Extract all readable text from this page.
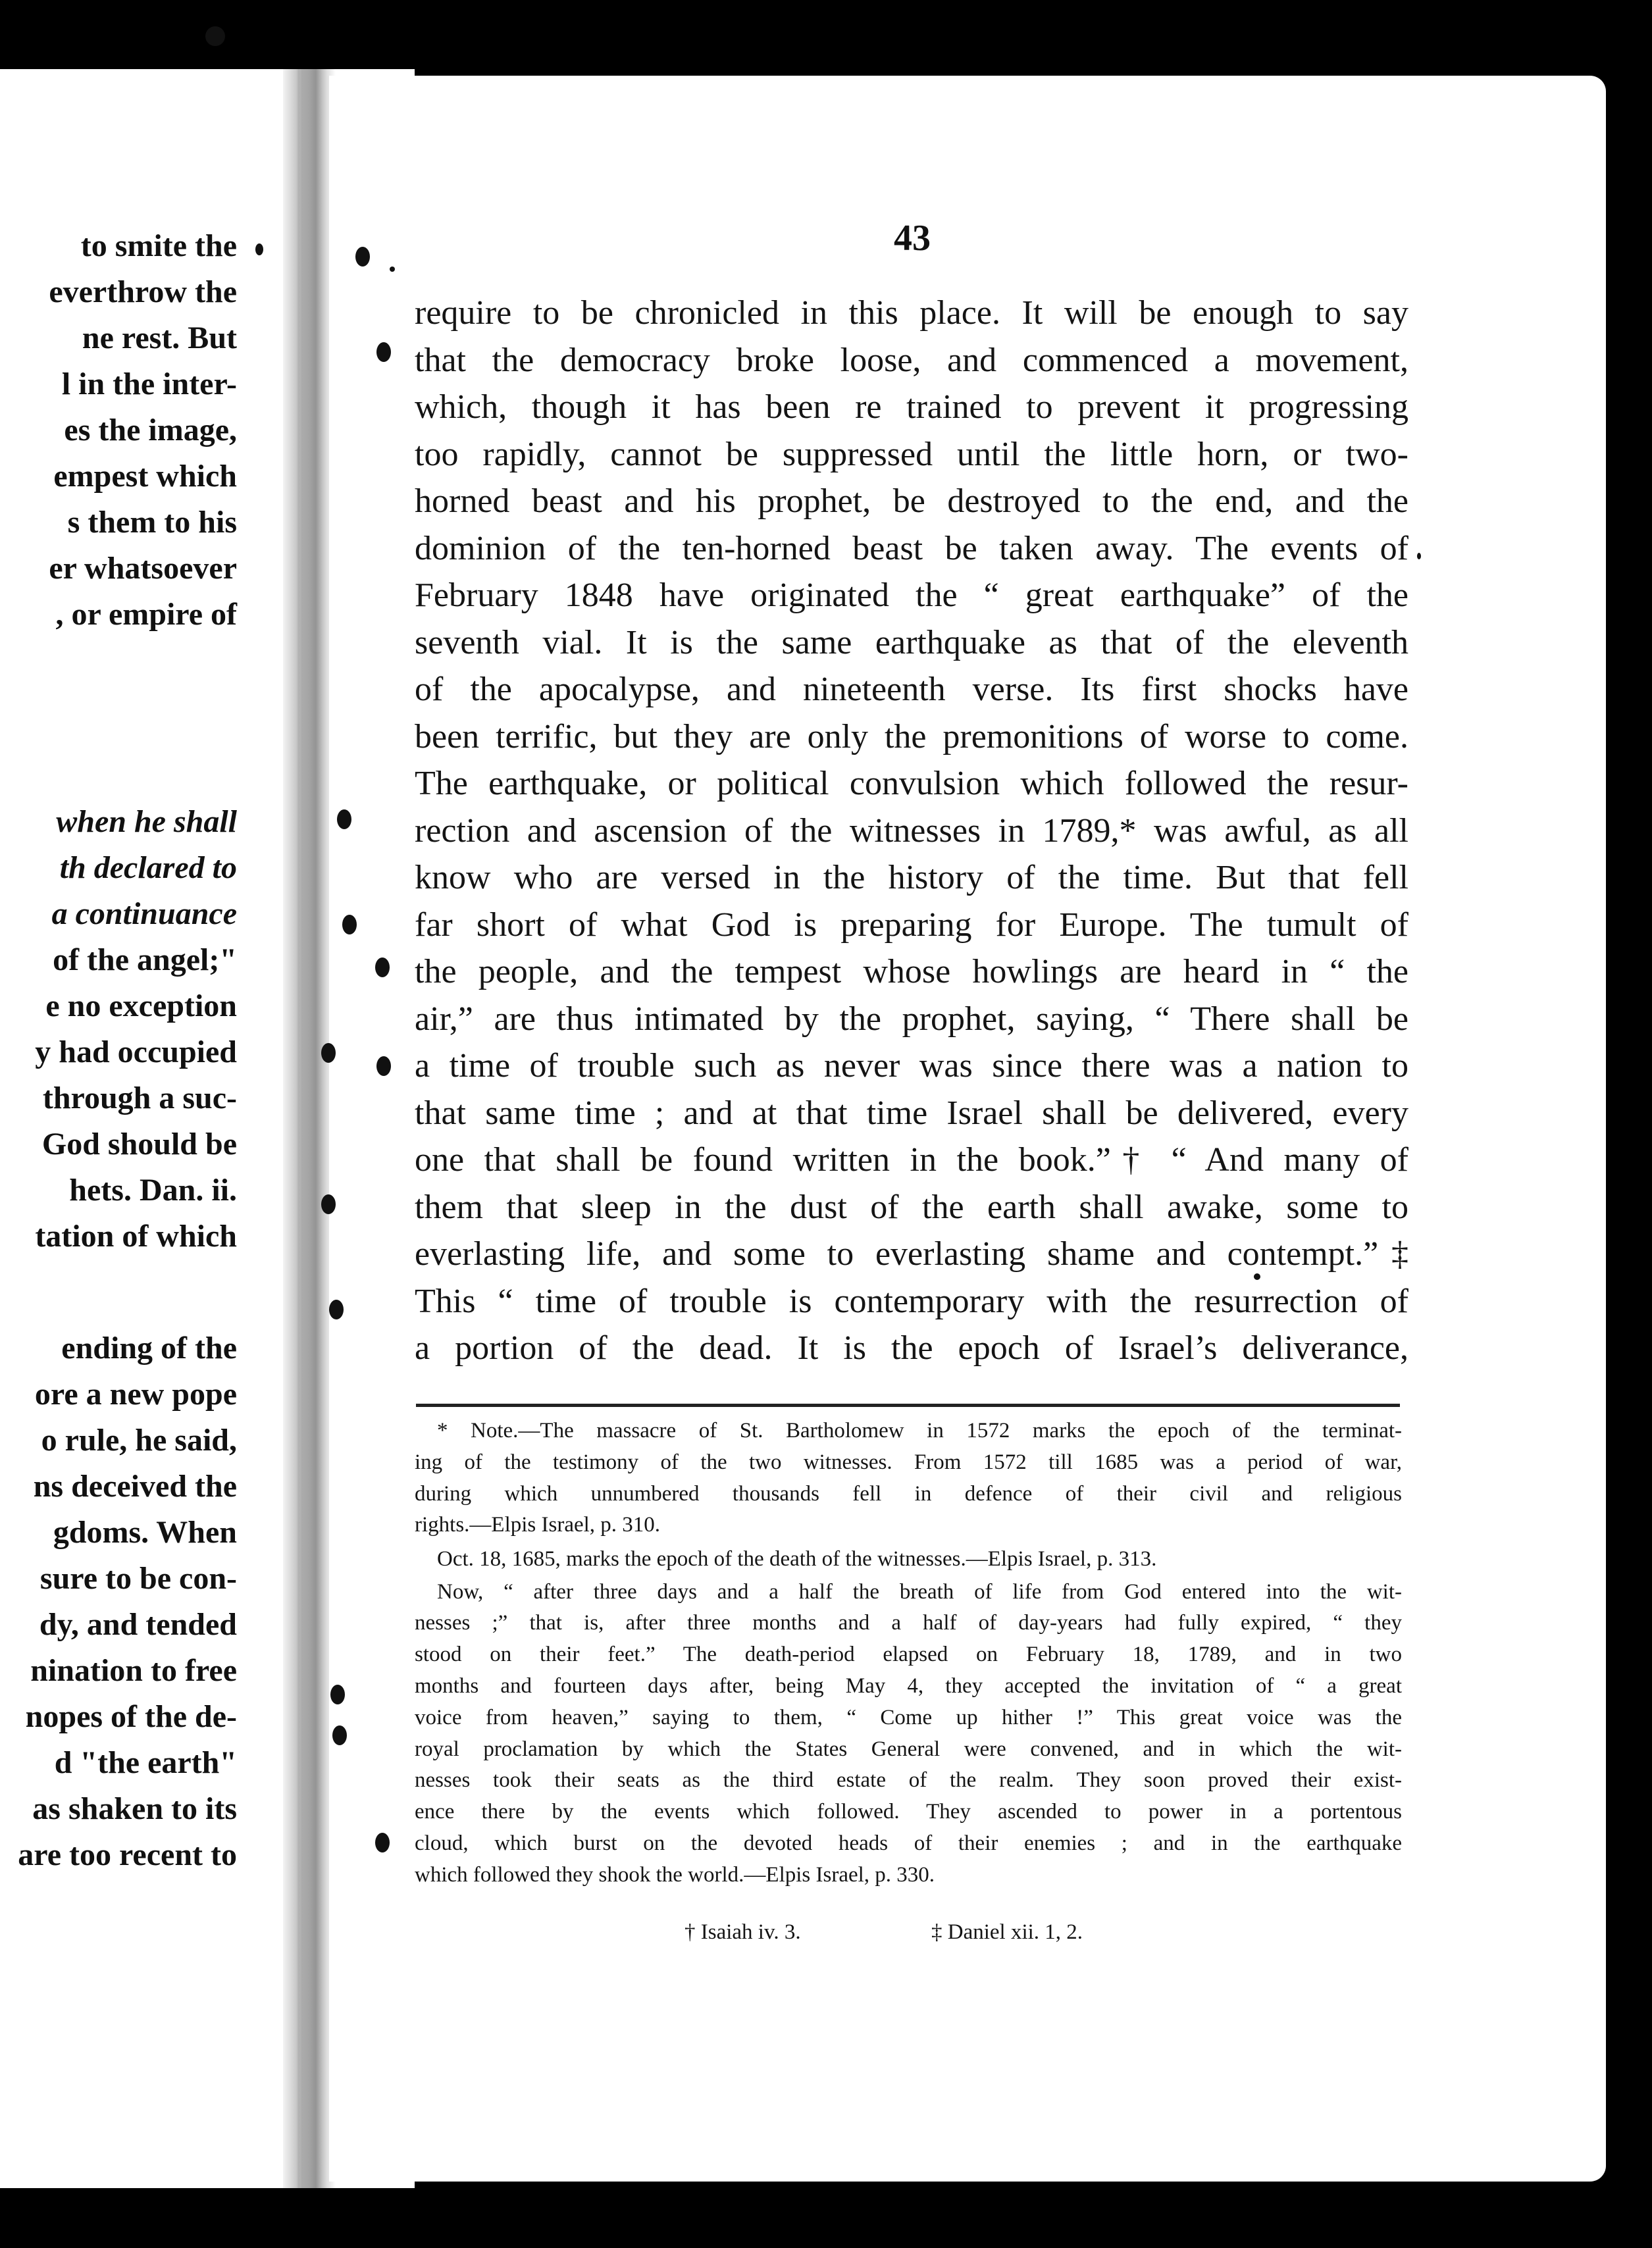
to smite the
everthrow the
ne rest. But
l in the inter-
es the image,
empest which
s them to his
er whatsoever
, or empire of
when he shall
th declared to
a continuance
of the angel;"
e no exception
y had occupied
through a suc-
God should be
hets. Dan. ii.
tation of which
ending of the
ore a new pope
o rule, he said,
ns deceived the
gdoms. When
sure to be con-
dy, and tended
nination to free
nopes of the de-
d "the earth"
as shaken to its
are too recent to
43
require to be chronicled in this place. It will be enough to say
that the democracy broke loose, and commenced a movement,
which, though it has been re trained to prevent it progressing
too rapidly, cannot be suppressed until the little horn, or two-
horned beast and his prophet, be destroyed to the end, and the
dominion of the ten-horned beast be taken away. The events of
February 1848 have originated the “ great earthquake” of the
seventh vial. It is the same earthquake as that of the eleventh
of the apocalypse, and nineteenth verse. Its first shocks have
been terrific, but they are only the premonitions of worse to come.
The earthquake, or political convulsion which followed the resur-
rection and ascension of the witnesses in 1789,* was awful, as all
know who are versed in the history of the time. But that fell
far short of what God is preparing for Europe. The tumult of
the people, and the tempest whose howlings are heard in “ the
air,” are thus intimated by the prophet, saying, “ There shall be
a time of trouble such as never was since there was a nation to
that same time ; and at that time Israel shall be delivered, every
one that shall be found written in the book.”† “ And many of
them that sleep in the dust of the earth shall awake, some to
everlasting life, and some to everlasting shame and contempt.”‡
This “ time of trouble is contemporary with the resurrection of
a portion of the dead. It is the epoch of Israel’s deliverance,
* Note.—The massacre of St. Bartholomew in 1572 marks the epoch of the terminat-
ing of the testimony of the two witnesses. From 1572 till 1685 was a period of war,
during which unnumbered thousands fell in defence of their civil and religious
rights.—Elpis Israel, p. 310.
Oct. 18, 1685, marks the epoch of the death of the witnesses.—Elpis Israel, p. 313.
Now, “ after three days and a half the breath of life from God entered into the wit-
nesses ;” that is, after three months and a half of day-years had fully expired, “ they
stood on their feet.” The death-period elapsed on February 18, 1789, and in two
months and fourteen days after, being May 4, they accepted the invitation of “ a great
voice from heaven,” saying to them, “ Come up hither !” This great voice was the
royal proclamation by which the States General were convened, and in which the wit-
nesses took their seats as the third estate of the realm. They soon proved their exist-
ence there by the events which followed. They ascended to power in a portentous
cloud, which burst on the devoted heads of their enemies ; and in the earthquake
which followed they shook the world.—Elpis Israel, p. 330.
† Isaiah iv. 3.	‡ Daniel xii. 1, 2.
